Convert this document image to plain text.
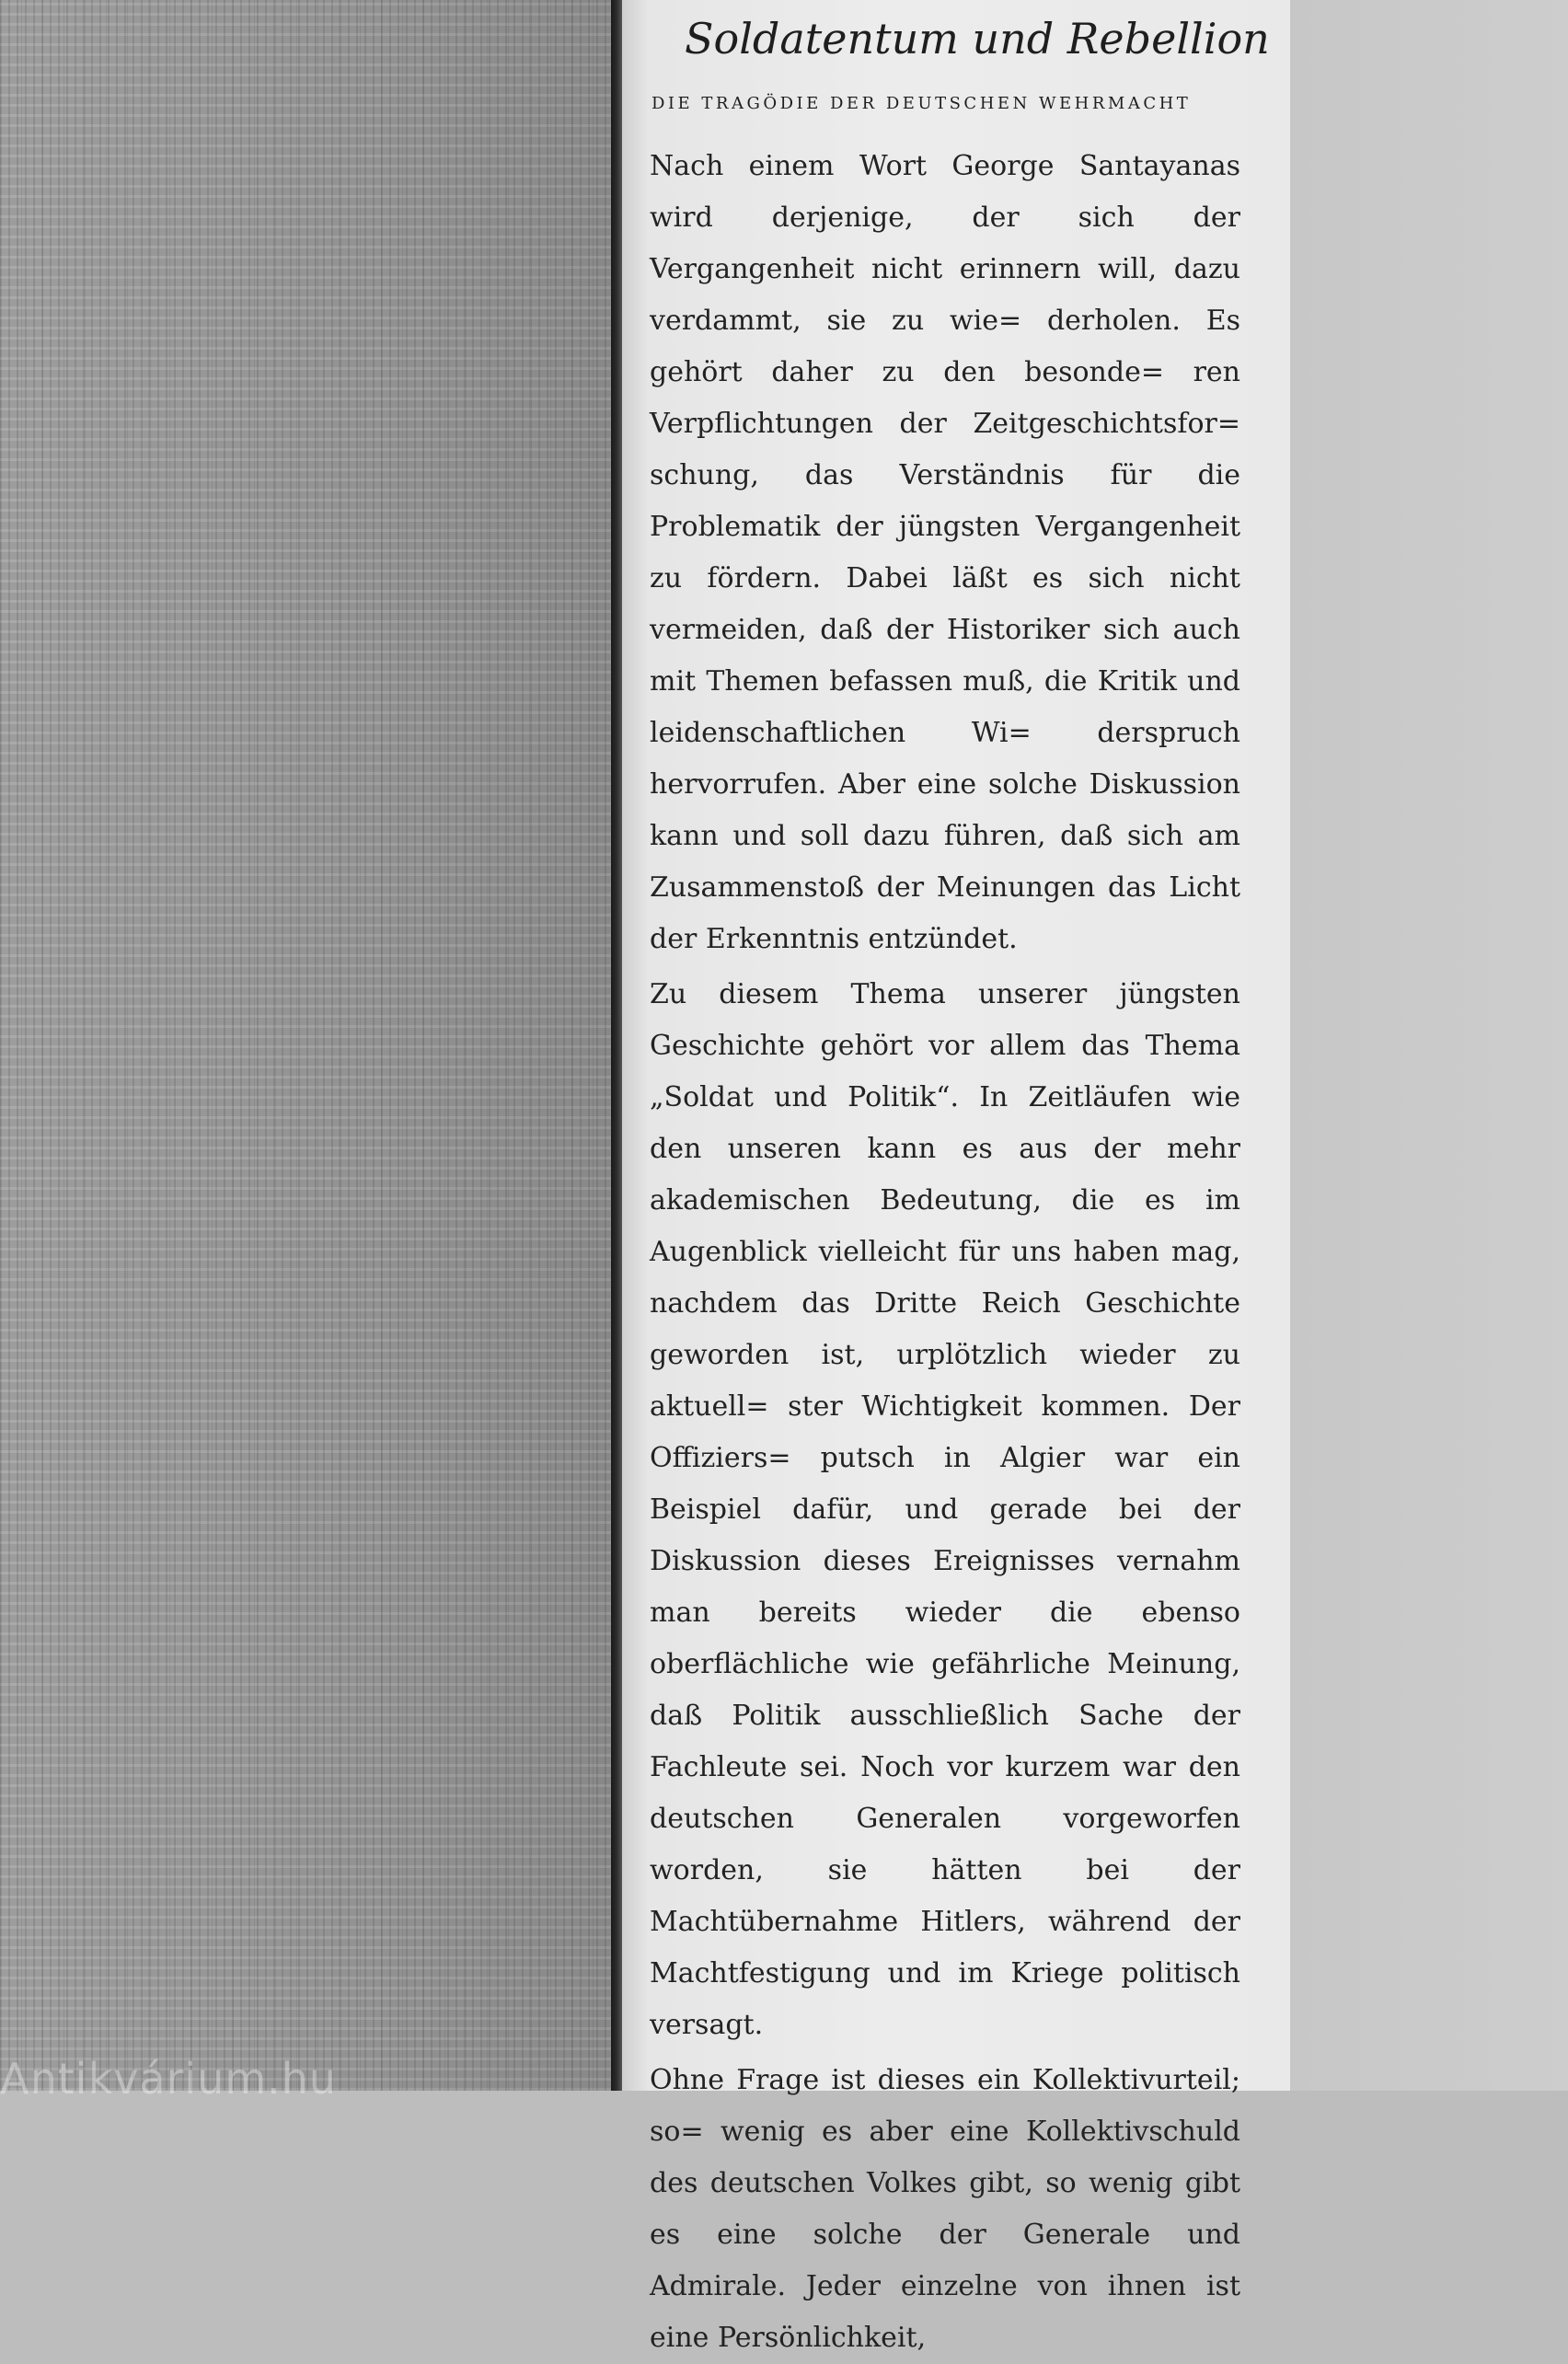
Antikvárium.hu
Soldatentum und Rebellion
DIE TRAGÖDIE DER DEUTSCHEN WEHRMACHT

Nach einem Wort George Santayanas wird derjenige, der sich der Vergangenheit nicht erinnern will, dazu verdammt, sie zu wie= derholen. Es gehört daher zu den besonde= ren Verpflichtungen der Zeitgeschichtsfor= schung, das Verständnis für die Problematik der jüngsten Vergangenheit zu fördern. Dabei läßt es sich nicht vermeiden, daß der Historiker sich auch mit Themen befassen muß, die Kritik und leidenschaftlichen Wi= derspruch hervorrufen. Aber eine solche Diskussion kann und soll dazu führen, daß sich am Zusammenstoß der Meinungen das Licht der Erkenntnis entzündet.

Zu diesem Thema unserer jüngsten Geschichte gehört vor allem das Thema „Soldat und Politik“. In Zeitläufen wie den unseren kann es aus der mehr akademischen Bedeutung, die es im Augenblick vielleicht für uns haben mag, nachdem das Dritte Reich Geschichte geworden ist, urplötzlich wieder zu aktuell= ster Wichtigkeit kommen. Der Offiziers= putsch in Algier war ein Beispiel dafür, und gerade bei der Diskussion dieses Ereignisses vernahm man bereits wieder die ebenso oberflächliche wie gefährliche Meinung, daß Politik ausschließlich Sache der Fachleute sei. Noch vor kurzem war den deutschen Generalen vorgeworfen worden, sie hätten bei der Machtübernahme Hitlers, während der Machtfestigung und im Kriege politisch versagt.

Ohne Frage ist dieses ein Kollektivurteil; so= wenig es aber eine Kollektivschuld des deutschen Volkes gibt, so wenig gibt es eine solche der Generale und Admirale. Jeder einzelne von ihnen ist eine Persönlichkeit,
